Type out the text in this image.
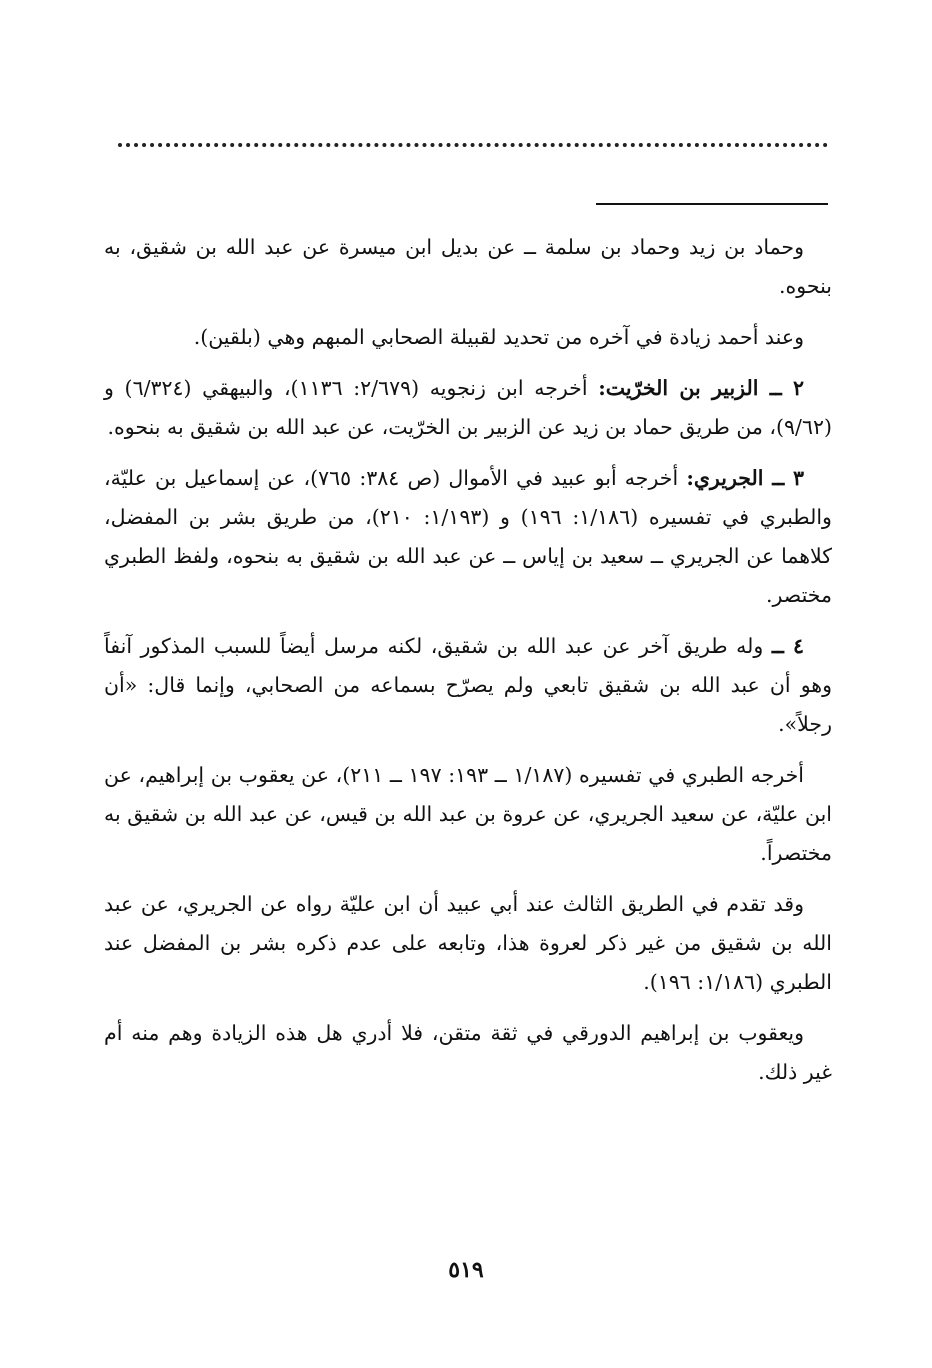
وحماد بن زيد وحماد بن سلمة ــ عن بديل ابن ميسرة عن عبد الله بن شقيق، به بنحوه.

وعند أحمد زيادة في آخره من تحديد لقبيلة الصحابي المبهم وهي (بلقين).

٢ ــ الزبير بن الخرّيت: أخرجه ابن زنجويه (٢/٦٧٩: ١١٣٦)، والبيهقي (٦/٣٢٤) و (٩/٦٢)، من طريق حماد بن زيد عن الزبير بن الخرّيت، عن عبد الله بن شقيق به بنحوه.

٣ ــ الجريري: أخرجه أبو عبيد في الأموال (ص ٣٨٤: ٧٦٥)، عن إسماعيل بن عليّة، والطبري في تفسيره (١/١٨٦: ١٩٦) و (١/١٩٣: ٢١٠)، من طريق بشر بن المفضل، كلاهما عن الجريري ــ سعيد بن إياس ــ عن عبد الله بن شقيق به بنحوه، ولفظ الطبري مختصر.

٤ ــ وله طريق آخر عن عبد الله بن شقيق، لكنه مرسل أيضاً للسبب المذكور آنفاً وهو أن عبد الله بن شقيق تابعي ولم يصرّح بسماعه من الصحابي، وإنما قال: «أن رجلاً».

أخرجه الطبري في تفسيره (١/١٨٧ ــ ١٩٣: ١٩٧ ــ ٢١١)، عن يعقوب بن إبراهيم، عن ابن عليّة، عن سعيد الجريري، عن عروة بن عبد الله بن قيس، عن عبد الله بن شقيق به مختصراً.

وقد تقدم في الطريق الثالث عند أبي عبيد أن ابن عليّة رواه عن الجريري، عن عبد الله بن شقيق من غير ذكر لعروة هذا، وتابعه على عدم ذكره بشر بن المفضل عند الطبري (١/١٨٦: ١٩٦).

ويعقوب بن إبراهيم الدورقي في ثقة متقن، فلا أدري هل هذه الزيادة وهم منه أم غير ذلك.

٥١٩
